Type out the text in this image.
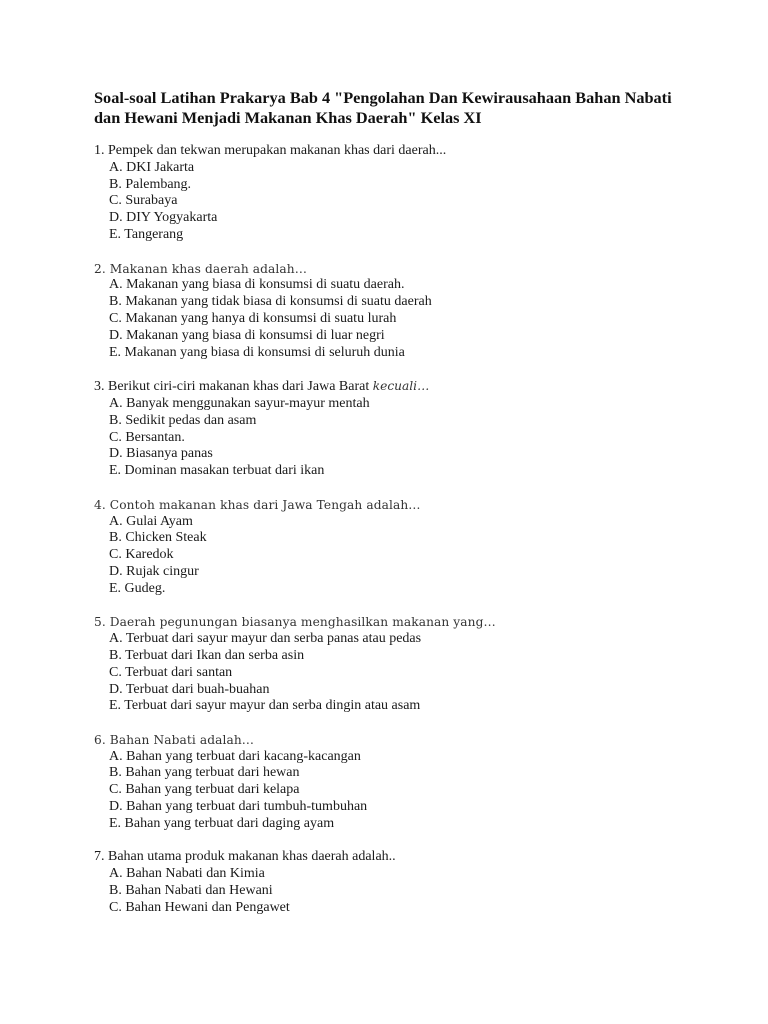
Soal-soal Latihan Prakarya Bab 4 "Pengolahan Dan Kewirausahaan Bahan Nabati dan Hewani Menjadi Makanan Khas Daerah" Kelas XI
1. Pempek dan tekwan merupakan makanan khas dari daerah...
A. DKI Jakarta
B. Palembang.
C. Surabaya
D. DIY Yogyakarta
E. Tangerang
2. Makanan khas daerah adalah…
A. Makanan yang biasa di konsumsi di suatu daerah.
B. Makanan yang tidak biasa di konsumsi di suatu daerah
C. Makanan yang hanya di konsumsi di suatu lurah
D. Makanan yang biasa di konsumsi di luar negri
E. Makanan yang biasa di konsumsi di seluruh dunia
3. Berikut ciri-ciri makanan khas dari Jawa Barat kecuali…
A. Banyak menggunakan sayur-mayur mentah
B. Sedikit pedas dan asam
C. Bersantan.
D. Biasanya panas
E. Dominan masakan terbuat dari ikan
4. Contoh makanan khas dari Jawa Tengah adalah…
A. Gulai Ayam
B. Chicken Steak
C. Karedok
D. Rujak cingur
E. Gudeg.
5. Daerah pegunungan biasanya menghasilkan makanan yang…
A. Terbuat dari sayur mayur dan serba panas atau pedas
B. Terbuat dari Ikan dan serba asin
C. Terbuat dari santan
D. Terbuat dari buah-buahan
E. Terbuat dari sayur mayur dan serba dingin atau asam
6. Bahan Nabati adalah…
A. Bahan yang terbuat dari kacang-kacangan
B. Bahan yang terbuat dari hewan
C. Bahan yang terbuat dari kelapa
D. Bahan yang terbuat dari tumbuh-tumbuhan
E. Bahan yang terbuat dari daging ayam
7. Bahan utama produk makanan khas daerah adalah..
A. Bahan Nabati dan Kimia
B. Bahan Nabati dan Hewani
C. Bahan Hewani dan Pengawet
